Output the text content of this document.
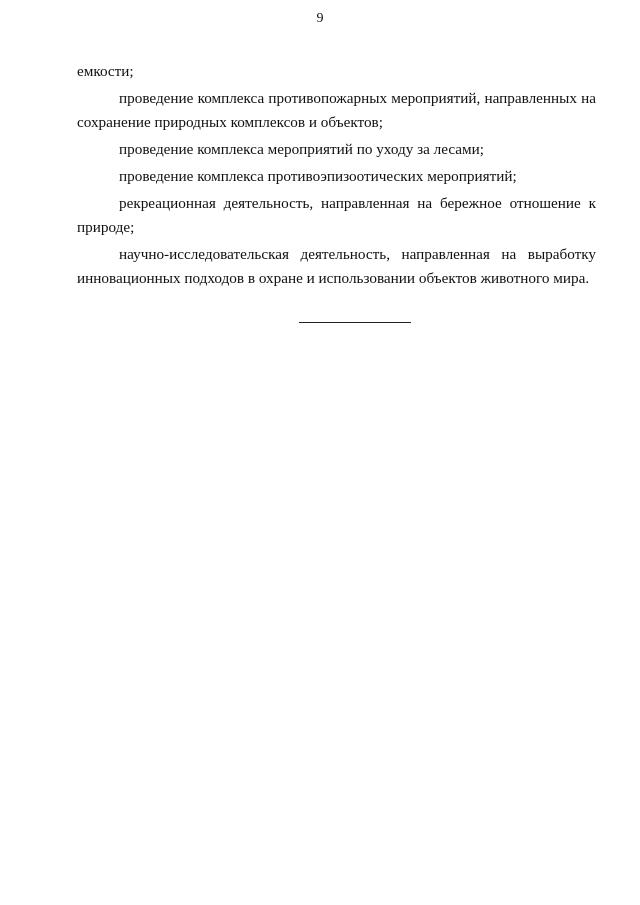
9

емкости;

проведение комплекса противопожарных мероприятий, направленных на сохранение природных комплексов и объектов;

проведение комплекса мероприятий по уходу за лесами;

проведение комплекса противоэпизоотических мероприятий;

рекреационная деятельность, направленная на бережное отношение к природе;

научно-исследовательская деятельность, направленная на выработку инновационных подходов в охране и использовании объектов животного мира.
